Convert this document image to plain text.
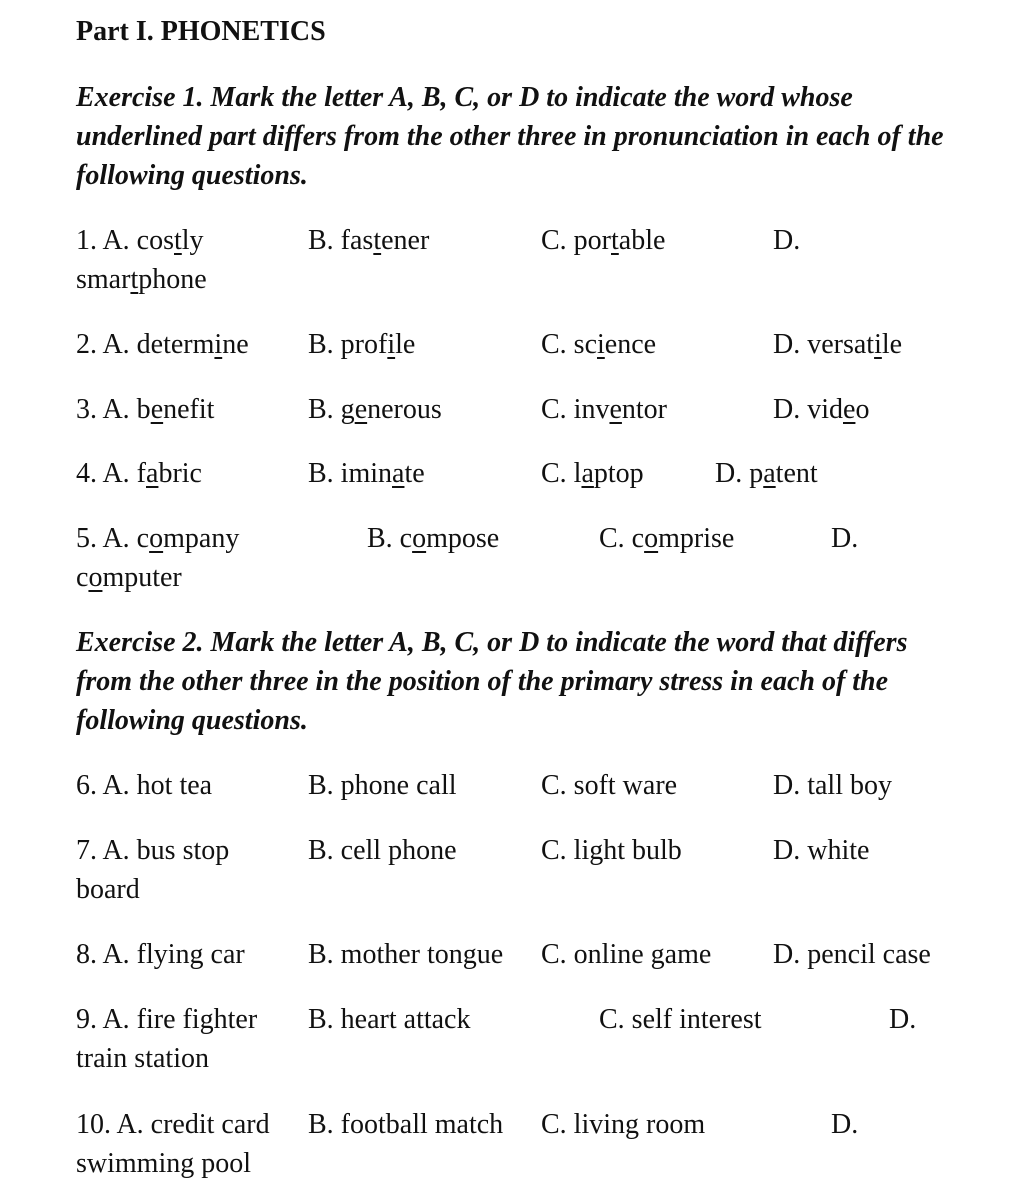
Part I. PHONETICS
Exercise 1. Mark the letter A, B, C, or D to indicate the word whose underlined part differs from the other three in pronunciation in each of the following questions.
1. A. costly	B. fastener	C. portable	D.
smartphone
2. A. determine B. profile	C. science	D. versatile
3. A. benefit	B. generous	C. inventor	D. video
4. A. fabric	B. iminate	C. laptop	D. patent
5. A. company	B. compose	C. comprise	D.
computer
Exercise 2. Mark the letter A, B, C, or D to indicate the word that differs from the other three in the position of the primary stress in each of the following questions.
6. A. hot tea	B. phone call	C. soft ware	D. tall boy
7. A. bus stop	B. cell phone	C. light bulb	D. white
board
8. A. flying car B. mother tongue C. online game D. pencil case
9. A. fire fighter B. heart attack	C. self interest	D.
train station
10. A. credit card B. football match C. living room	D.
swimming pool
